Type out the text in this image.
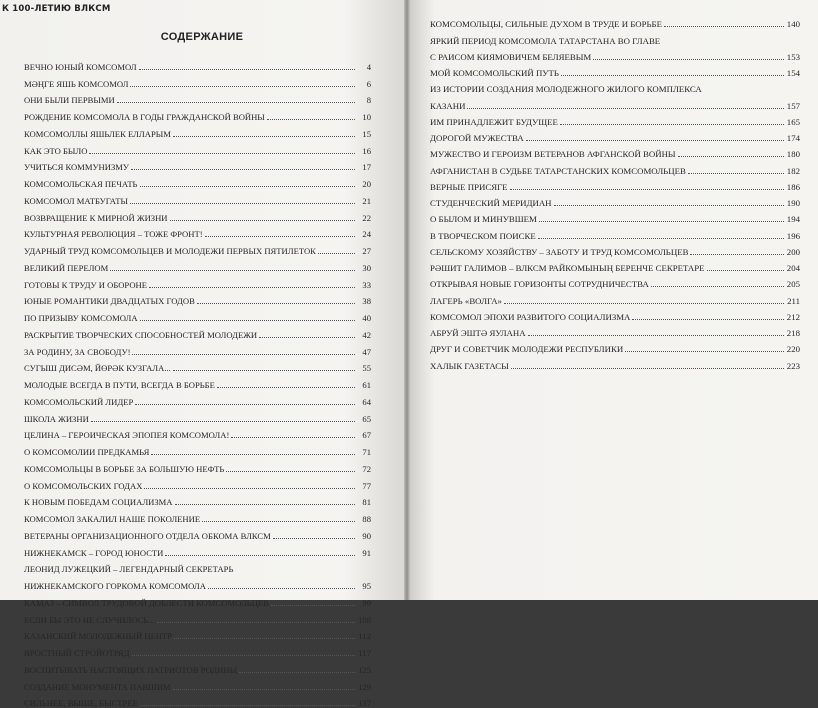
К 100-ЛЕТИЮ ВЛКСМ
СОДЕРЖАНИЕ
ВЕЧНО ЮНЫЙ КОМСОМОЛ	4
МӘҢГЕ ЯШЬ КОМСОМОЛ	6
ОНИ БЫЛИ ПЕРВЫМИ	8
РОЖДЕНИЕ КОМСОМОЛА В ГОДЫ ГРАЖДАНСКОЙ ВОЙНЫ	10
КОМСОМОЛЛЫ ЯШЬЛЕК ЕЛЛАРЫМ	15
КАК ЭТО БЫЛО	16
УЧИТЬСЯ КОММУНИЗМУ	17
КОМСОМОЛЬСКАЯ ПЕЧАТЬ	20
КОМСОМОЛ МАТБУГАТЫ	21
ВОЗВРАЩЕНИЕ К МИРНОЙ ЖИЗНИ	22
КУЛЬТУРНАЯ РЕВОЛЮЦИЯ – ТОЖЕ ФРОНТ!	24
УДАРНЫЙ ТРУД КОМСОМОЛЬЦЕВ И МОЛОДЕЖИ ПЕРВЫХ ПЯТИЛЕТОК	27
ВЕЛИКИЙ ПЕРЕЛОМ	30
ГОТОВЫ К ТРУДУ И ОБОРОНЕ	33
ЮНЫЕ РОМАНТИКИ ДВАДЦАТЫХ ГОДОВ	38
ПО ПРИЗЫВУ КОМСОМОЛА	40
РАСКРЫТИЕ ТВОРЧЕСКИХ СПОСОБНОСТЕЙ МОЛОДЕЖИ	42
ЗА РОДИНУ, ЗА СВОБОДУ!	47
СУГЫШ ДИСӘМ, ЙӨРӘК КУЗГАЛА...	55
МОЛОДЫЕ ВСЕГДА В ПУТИ, ВСЕГДА В БОРЬБЕ	61
КОМСОМОЛЬСКИЙ ЛИДЕР	64
ШКОЛА ЖИЗНИ	65
ЦЕЛИНА – ГЕРОИЧЕСКАЯ ЭПОПЕЯ КОМСОМОЛА!	67
О КОМСОМОЛИИ ПРЕДКАМЬЯ	71
КОМСОМОЛЬЦЫ В БОРЬБЕ ЗА БОЛЬШУЮ НЕФТЬ	72
О КОМСОМОЛЬСКИХ ГОДАХ	77
К НОВЫМ ПОБЕДАМ СОЦИАЛИЗМА	81
КОМСОМОЛ ЗАКАЛИЛ НАШЕ ПОКОЛЕНИЕ	88
ВЕТЕРАНЫ ОРГАНИЗАЦИОННОГО ОТДЕЛА ОБКОМА ВЛКСМ	90
НИЖНЕКАМСК – ГОРОД ЮНОСТИ	91
ЛЕОНИД ЛУЖЕЦКИЙ – ЛЕГЕНДАРНЫЙ СЕКРЕТАРЬ
НИЖНЕКАМСКОГО ГОРКОМА КОМСОМОЛА	95
КАМАЗ – СИМВОЛ ТРУДОВОЙ ДОБЛЕСТИ КОМСОМОЛЬЦЕВ	99
ЕСЛИ БЫ ЭТО НЕ СЛУЧИЛОСЬ...	108
КАЗАНСКИЙ МОЛОДЕЖНЫЙ ЦЕНТР	112
ЯРОСТНЫЙ СТРОЙОТРЯД	117
ВОСПИТЫВАТЬ НАСТОЯЩИХ ПАТРИОТОВ РОДИНЫ	125
СОЗДАНИЕ МОНУМЕНТА ПАВШИМ	129
СИЛЬНЕЕ, ВЫШЕ, БЫСТРЕЕ	137
КОМСОМОЛЬЦЫ, СИЛЬНЫЕ ДУХОМ В ТРУДЕ И БОРЬБЕ	140
ЯРКИЙ ПЕРИОД КОМСОМОЛА ТАТАРСТАНА ВО ГЛАВЕ
С РАИСОМ КИЯМОВИЧЕМ БЕЛЯЕВЫМ	153
МОЙ КОМСОМОЛЬСКИЙ ПУТЬ	154
ИЗ ИСТОРИИ СОЗДАНИЯ МОЛОДЕЖНОГО ЖИЛОГО КОМПЛЕКСА
КАЗАНИ	157
ИМ ПРИНАДЛЕЖИТ БУДУЩЕЕ	165
ДОРОГОЙ МУЖЕСТВА	174
МУЖЕСТВО И ГЕРОИЗМ ВЕТЕРАНОВ АФГАНСКОЙ ВОЙНЫ	180
АФГАНИСТАН В СУДЬБЕ ТАТАРСТАНСКИХ КОМСОМОЛЬЦЕВ	182
ВЕРНЫЕ ПРИСЯГЕ	186
СТУДЕНЧЕСКИЙ МЕРИДИАН	190
О БЫЛОМ И МИНУВШЕМ	194
В ТВОРЧЕСКОМ ПОИСКЕ	196
СЕЛЬСКОМУ ХОЗЯЙСТВУ – ЗАБОТУ И ТРУД КОМСОМОЛЬЦЕВ	200
РӘШИТ ГАЛИМОВ – ВЛКСМ РАЙКОМЫНЫҢ БЕРЕНЧЕ СЕКРЕТАРЕ	204
ОТКРЫВАЯ НОВЫЕ ГОРИЗОНТЫ СОТРУДНИЧЕСТВА	205
ЛАГЕРЬ «ВОЛГА»	211
КОМСОМОЛ ЭПОХИ РАЗВИТОГО СОЦИАЛИЗМА	212
АБРУЙ ЭШТӘ ЯУЛАНА	218
ДРУГ И СОВЕТЧИК МОЛОДЕЖИ РЕСПУБЛИКИ	220
ХАЛЫК ГАЗЕТАСЫ	223
